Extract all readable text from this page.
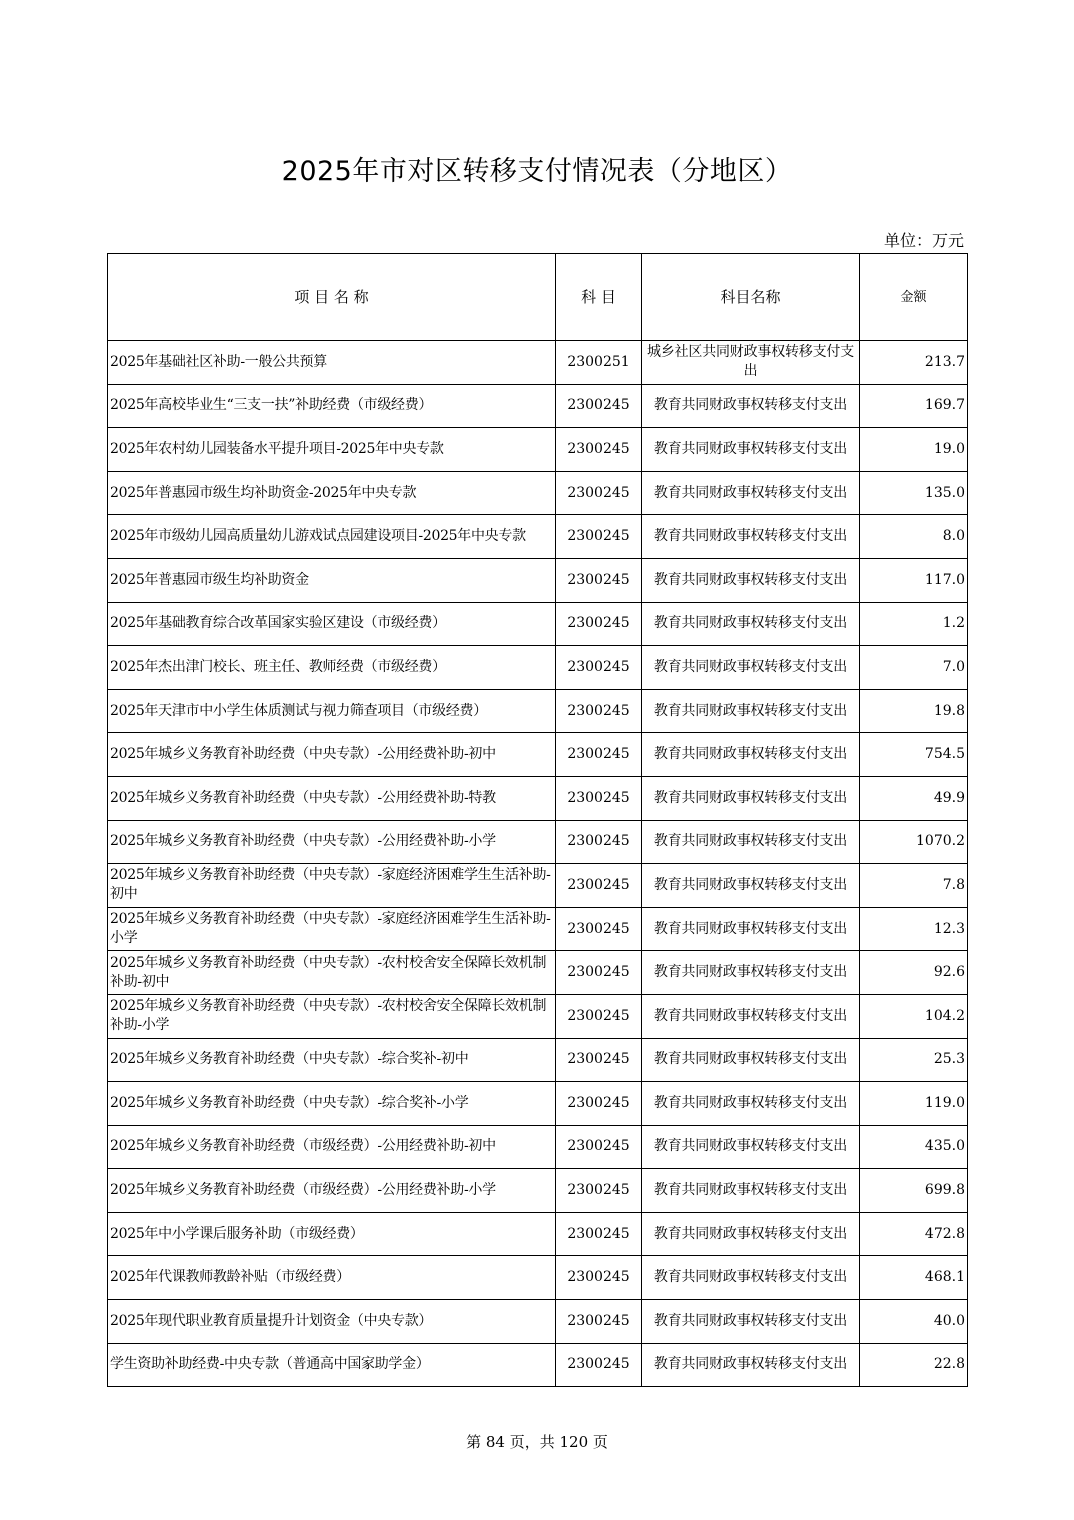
2025年市对区转移支付情况表（分地区）
单位：万元
项 目 名 称	科 目	科目名称	金额
2025年基础社区补助-一般公共预算	2300251	城乡社区共同财政事权转移支付支出	213.7
2025年高校毕业生“三支一扶”补助经费（市级经费）	2300245	教育共同财政事权转移支付支出	169.7
2025年农村幼儿园装备水平提升项目-2025年中央专款	2300245	教育共同财政事权转移支付支出	19.0
2025年普惠园市级生均补助资金-2025年中央专款	2300245	教育共同财政事权转移支付支出	135.0
2025年市级幼儿园高质量幼儿游戏试点园建设项目-2025年中央专款	2300245	教育共同财政事权转移支付支出	8.0
2025年普惠园市级生均补助资金	2300245	教育共同财政事权转移支付支出	117.0
2025年基础教育综合改革国家实验区建设（市级经费）	2300245	教育共同财政事权转移支付支出	1.2
2025年杰出津门校长、班主任、教师经费（市级经费）	2300245	教育共同财政事权转移支付支出	7.0
2025年天津市中小学生体质测试与视力筛查项目（市级经费）	2300245	教育共同财政事权转移支付支出	19.8
2025年城乡义务教育补助经费（中央专款）-公用经费补助-初中	2300245	教育共同财政事权转移支付支出	754.5
2025年城乡义务教育补助经费（中央专款）-公用经费补助-特教	2300245	教育共同财政事权转移支付支出	49.9
2025年城乡义务教育补助经费（中央专款）-公用经费补助-小学	2300245	教育共同财政事权转移支付支出	1070.2
2025年城乡义务教育补助经费（中央专款）-家庭经济困难学生生活补助-初中	2300245	教育共同财政事权转移支付支出	7.8
2025年城乡义务教育补助经费（中央专款）-家庭经济困难学生生活补助-小学	2300245	教育共同财政事权转移支付支出	12.3
2025年城乡义务教育补助经费（中央专款）-农村校舍安全保障长效机制补助-初中	2300245	教育共同财政事权转移支付支出	92.6
2025年城乡义务教育补助经费（中央专款）-农村校舍安全保障长效机制补助-小学	2300245	教育共同财政事权转移支付支出	104.2
2025年城乡义务教育补助经费（中央专款）-综合奖补-初中	2300245	教育共同财政事权转移支付支出	25.3
2025年城乡义务教育补助经费（中央专款）-综合奖补-小学	2300245	教育共同财政事权转移支付支出	119.0
2025年城乡义务教育补助经费（市级经费）-公用经费补助-初中	2300245	教育共同财政事权转移支付支出	435.0
2025年城乡义务教育补助经费（市级经费）-公用经费补助-小学	2300245	教育共同财政事权转移支付支出	699.8
2025年中小学课后服务补助（市级经费）	2300245	教育共同财政事权转移支付支出	472.8
2025年代课教师教龄补贴（市级经费）	2300245	教育共同财政事权转移支付支出	468.1
2025年现代职业教育质量提升计划资金（中央专款）	2300245	教育共同财政事权转移支付支出	40.0
学生资助补助经费-中央专款（普通高中国家助学金）	2300245	教育共同财政事权转移支付支出	22.8
第 84 页，共 120 页
